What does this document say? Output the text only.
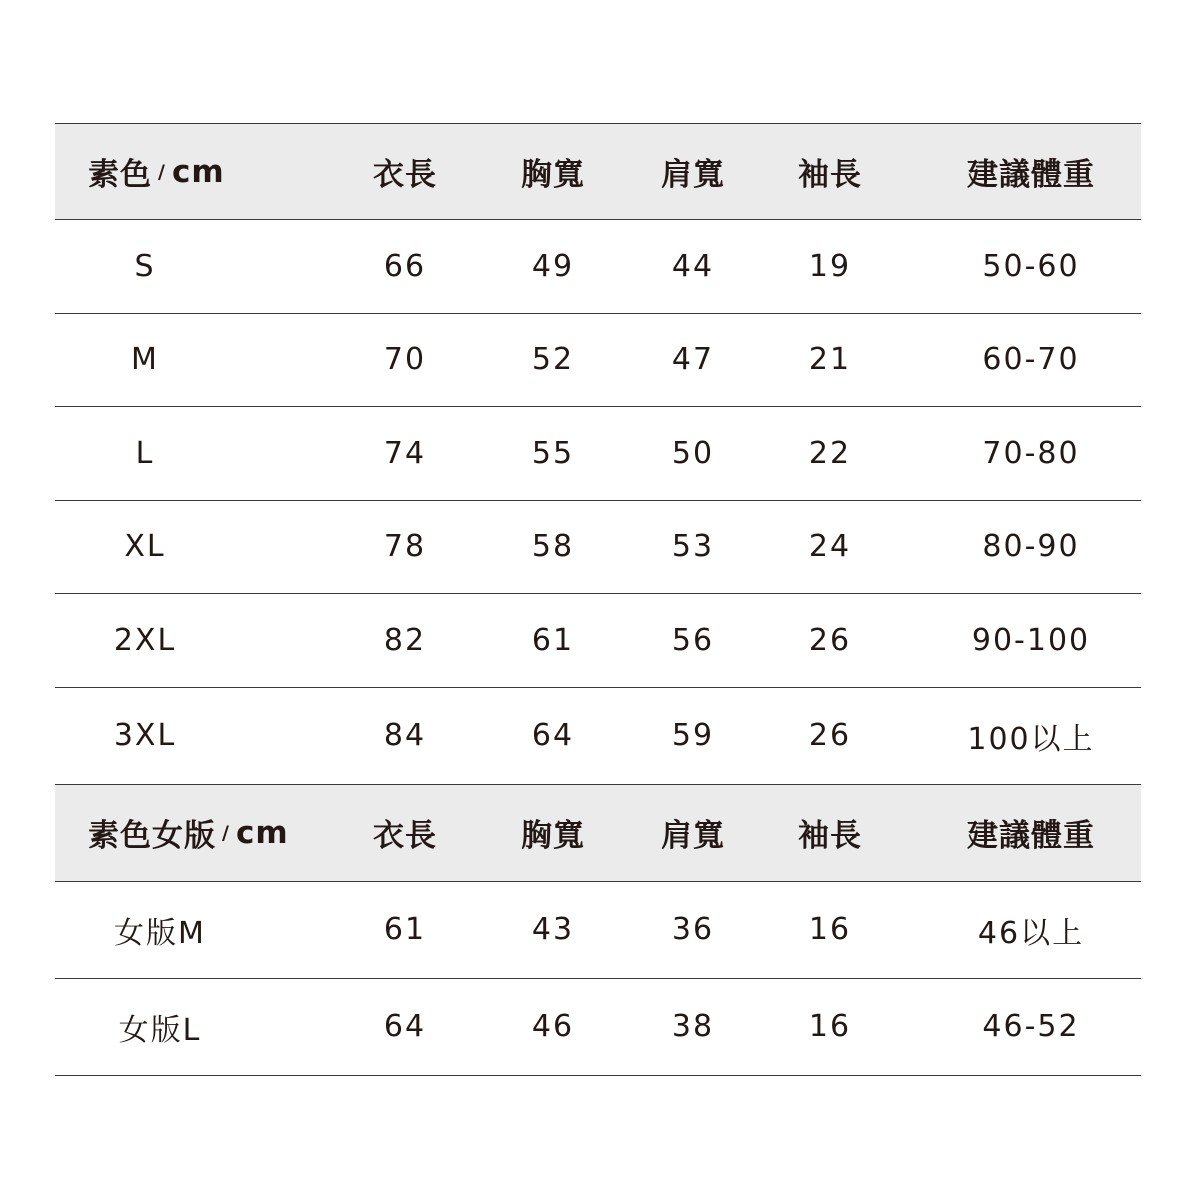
素色 / cm	衣長	胸寬	肩寬	袖長	建議體重
S	66	49	44	19	50-60
M	70	52	47	21	60-70
L	74	55	50	22	70-80
XL	78	58	53	24	80-90
2XL	82	61	56	26	90-100
3XL	84	64	59	26	100以上
素色女版 / cm	衣長	胸寬	肩寬	袖長	建議體重
女版M	61	43	36	16	46以上
女版L	64	46	38	16	46-52
